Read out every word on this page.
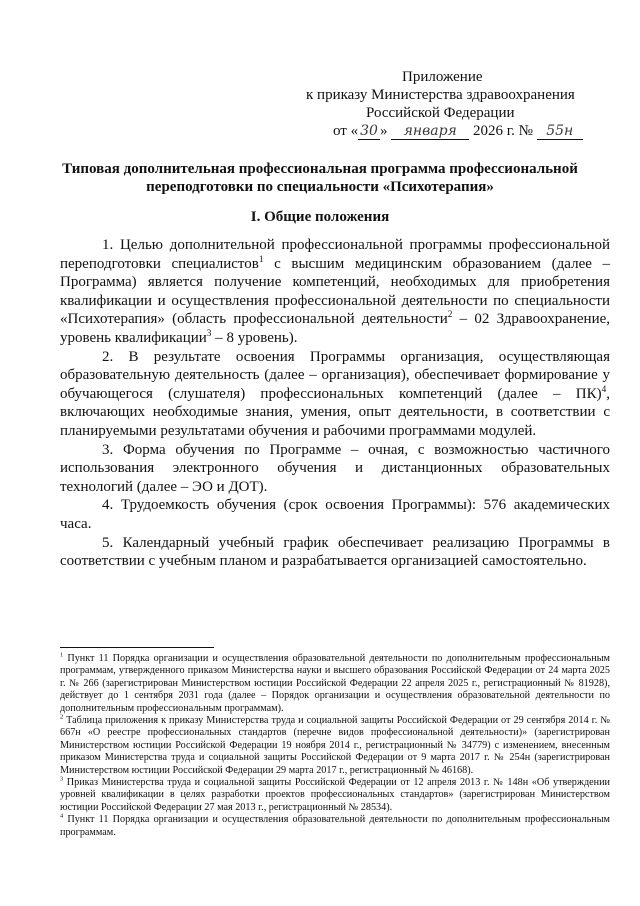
Приложение
к приказу Министерства здравоохранения
Российской Федерации
от « 30 » января 2026 г. № 55н
Типовая дополнительная профессиональная программа профессиональной
переподготовки по специальности «Психотерапия»
I. Общие положения

1. Целью дополнительной профессиональной программы профессиональной переподготовки специалистов$^1$ с высшим медицинским образованием (далее – Программа) является получение компетенций, необходимых для приобретения квалификации и осуществления профессиональной деятельности по специальности «Психотерапия» (область профессиональной деятельности$^2$ – 02 Здравоохранение, уровень квалификации$^3$ – 8 уровень).

2. В результате освоения Программы организация, осуществляющая образовательную деятельность (далее – организация), обеспечивает формирование у обучающегося (слушателя) профессиональных компетенций (далее – ПК)$^4$, включающих необходимые знания, умения, опыт деятельности, в соответствии с планируемыми результатами обучения и рабочими программами модулей.

3. Форма обучения по Программе – очная, с возможностью частичного использования электронного обучения и дистанционных образовательных технологий (далее – ЭО и ДОТ).

4. Трудоемкость обучения (срок освоения Программы): 576 академических часа.

5. Календарный учебный график обеспечивает реализацию Программы в соответствии с учебным планом и разрабатывается организацией самостоятельно.

$^1$ Пункт 11 Порядка организации и осуществления образовательной деятельности по дополнительным профессиональным программам, утвержденного приказом Министерства науки и высшего образования Российской Федерации от 24 марта 2025 г. № 266 (зарегистрирован Министерством юстиции Российской Федерации 22 апреля 2025 г., регистрационный № 81928), действует до 1 сентября 2031 года (далее – Порядок организации и осуществления образовательной деятельности по дополнительным профессиональным программам).

$^2$ Таблица приложения к приказу Министерства труда и социальной защиты Российской Федерации от 29 сентября 2014 г. № 667н «О реестре профессиональных стандартов (перечне видов профессиональной деятельности)» (зарегистрирован Министерством юстиции Российской Федерации 19 ноября 2014 г., регистрационный № 34779) с изменением, внесенным приказом Министерства труда и социальной защиты Российской Федерации от 9 марта 2017 г. № 254н (зарегистрирован Министерством юстиции Российской Федерации 29 марта 2017 г., регистрационный № 46168).

$^3$ Приказ Министерства труда и социальной защиты Российской Федерации от 12 апреля 2013 г. № 148н «Об утверждении уровней квалификации в целях разработки проектов профессиональных стандартов» (зарегистрирован Министерством юстиции Российской Федерации 27 мая 2013 г., регистрационный № 28534).

$^4$ Пункт 11 Порядка организации и осуществления образовательной деятельности по дополнительным профессиональным программам.
